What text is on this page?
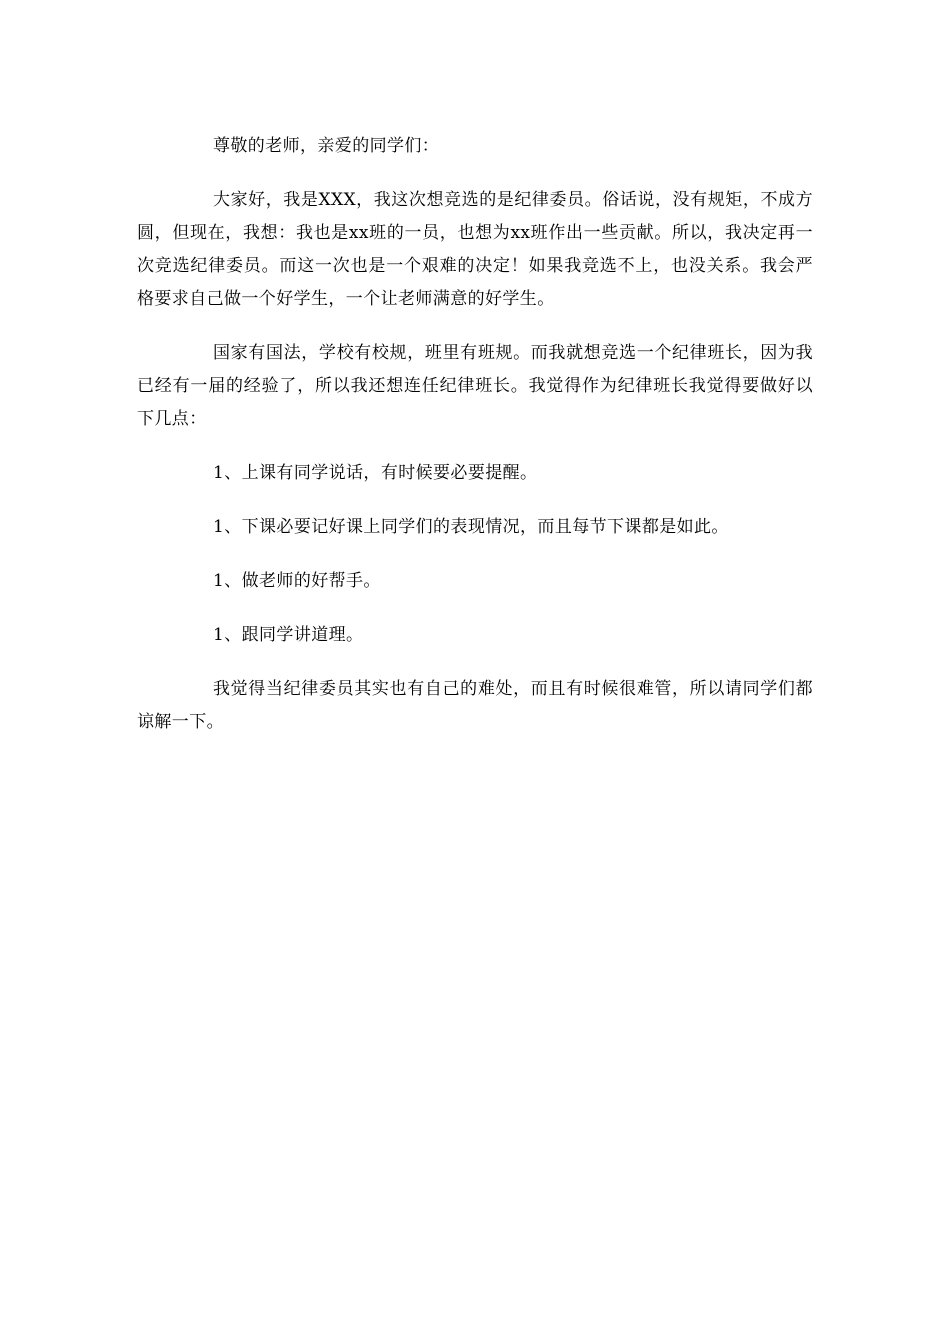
尊敬的老师，亲爱的同学们：

大家好，我是XXX，我这次想竞选的是纪律委员。俗话说，没有规矩，不成方圆，但现在，我想：我也是xx班的一员，也想为xx班作出一些贡献。所以，我决定再一次竞选纪律委员。而这一次也是一个艰难的决定！如果我竞选不上，也没关系。我会严格要求自己做一个好学生，一个让老师满意的好学生。

国家有国法，学校有校规，班里有班规。而我就想竞选一个纪律班长，因为我已经有一届的经验了，所以我还想连任纪律班长。我觉得作为纪律班长我觉得要做好以下几点：

1、上课有同学说话，有时候要必要提醒。

1、下课必要记好课上同学们的表现情况，而且每节下课都是如此。

1、做老师的好帮手。

1、跟同学讲道理。

我觉得当纪律委员其实也有自己的难处，而且有时候很难管，所以请同学们都谅解一下。
